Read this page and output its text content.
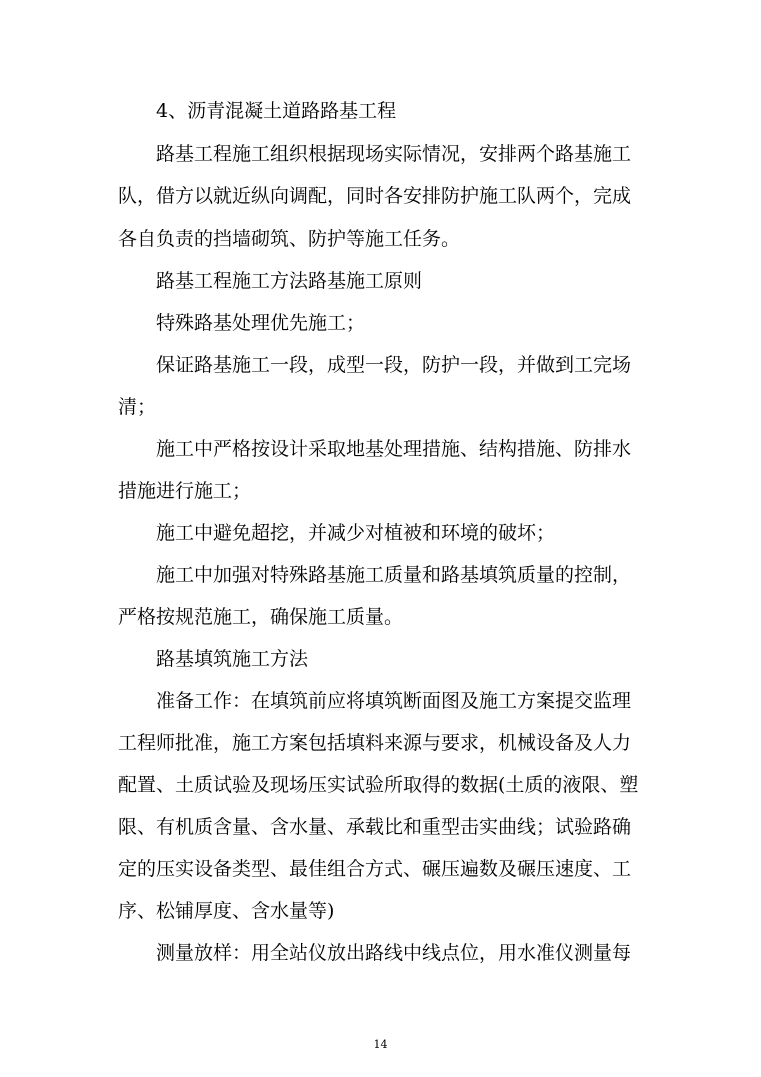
4、沥青混凝土道路路基工程
路基工程施工组织根据现场实际情况，安排两个路基施工
队，借方以就近纵向调配，同时各安排防护施工队两个，完成
各自负责的挡墙砌筑、防护等施工任务。
路基工程施工方法路基施工原则
特殊路基处理优先施工；
保证路基施工一段，成型一段，防护一段，并做到工完场
清；
施工中严格按设计采取地基处理措施、结构措施、防排水
措施进行施工；
施工中避免超挖，并减少对植被和环境的破坏；
施工中加强对特殊路基施工质量和路基填筑质量的控制，
严格按规范施工，确保施工质量。
路基填筑施工方法
准备工作：在填筑前应将填筑断面图及施工方案提交监理
工程师批准，施工方案包括填料来源与要求，机械设备及人力
配置、土质试验及现场压实试验所取得的数据(土质的液限、塑
限、有机质含量、含水量、承载比和重型击实曲线；试验路确
定的压实设备类型、最佳组合方式、碾压遍数及碾压速度、工
序、松铺厚度、含水量等)
测量放样：用全站仪放出路线中线点位，用水准仪测量每
14
